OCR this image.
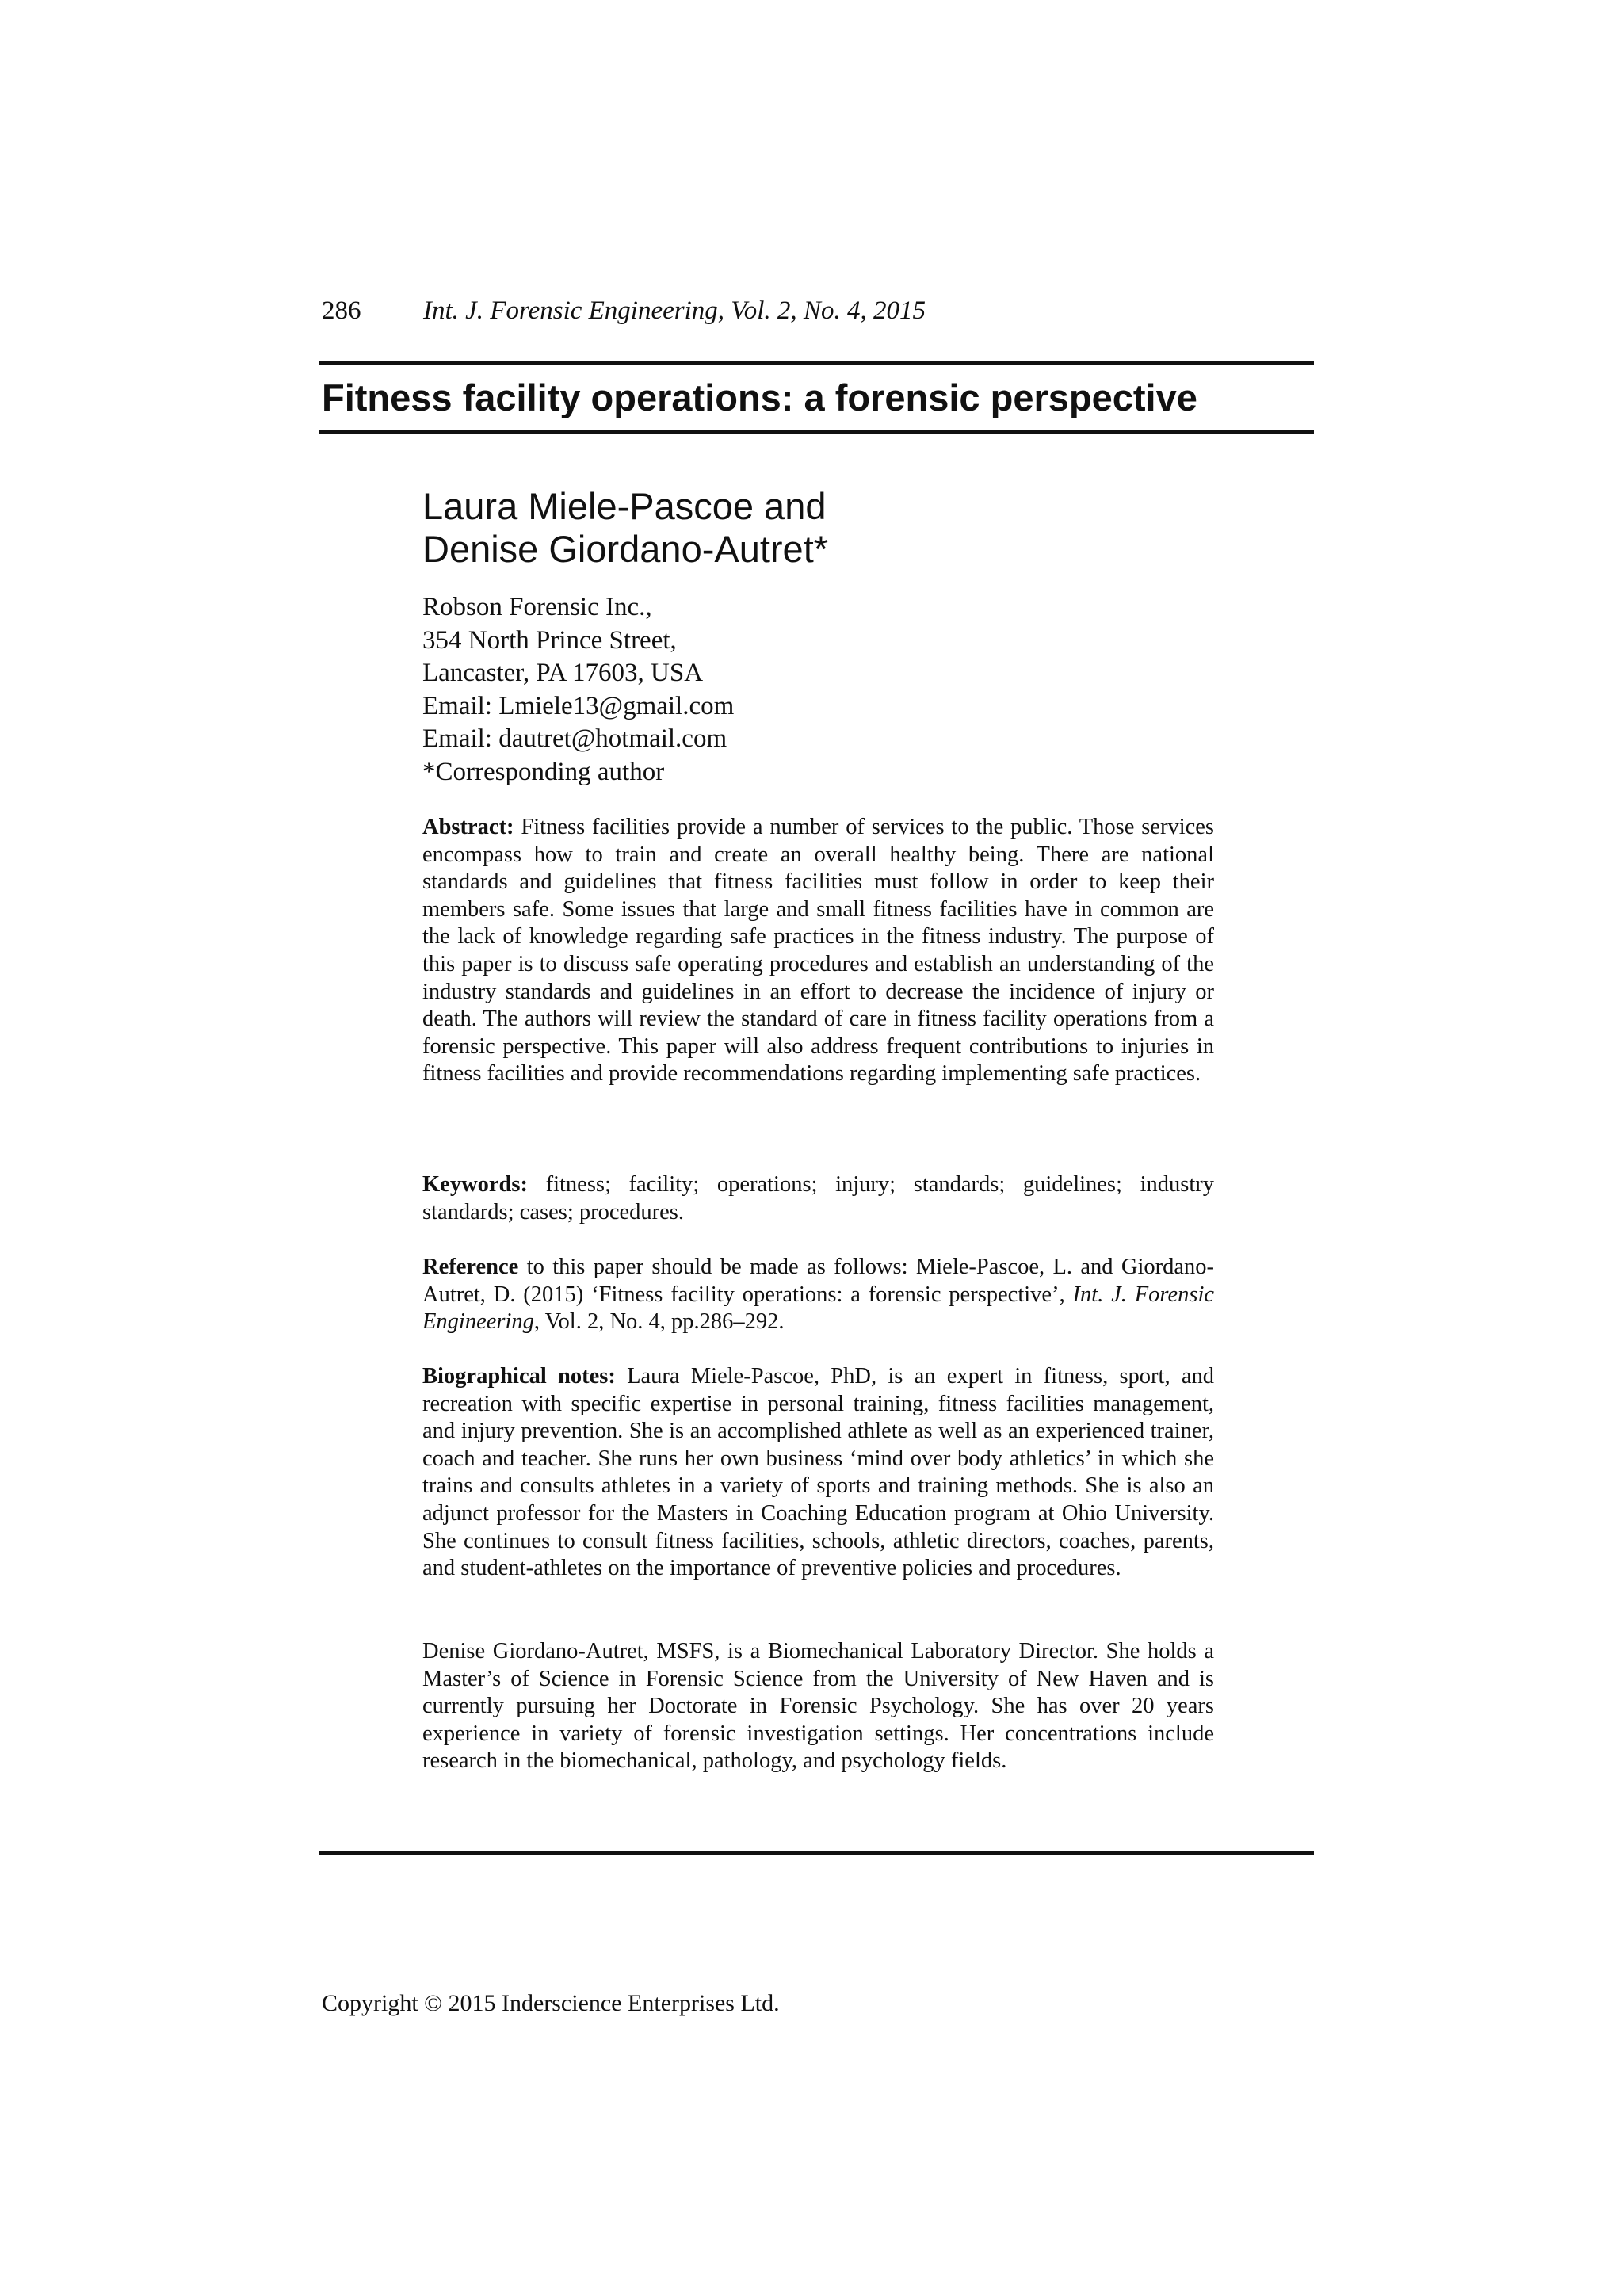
286 Int. J. Forensic Engineering, Vol. 2, No. 4, 2015
Fitness facility operations: a forensic perspective
Laura Miele-Pascoe and
Denise Giordano-Autret*
Robson Forensic Inc.,
354 North Prince Street,
Lancaster, PA 17603, USA
Email: Lmiele13@gmail.com
Email: dautret@hotmail.com
*Corresponding author

Abstract: Fitness facilities provide a number of services to the public. Those services encompass how to train and create an overall healthy being. There are national standards and guidelines that fitness facilities must follow in order to keep their members safe. Some issues that large and small fitness facilities have in common are the lack of knowledge regarding safe practices in the fitness industry. The purpose of this paper is to discuss safe operating procedures and establish an understanding of the industry standards and guidelines in an effort to decrease the incidence of injury or death. The authors will review the standard of care in fitness facility operations from a forensic perspective. This paper will also address frequent contributions to injuries in fitness facilities and provide recommendations regarding implementing safe practices.

Keywords: fitness; facility; operations; injury; standards; guidelines; industry standards; cases; procedures.

Reference to this paper should be made as follows: Miele-Pascoe, L. and Giordano-Autret, D. (2015) ‘Fitness facility operations: a forensic perspective’, Int. J. Forensic Engineering, Vol. 2, No. 4, pp.286–292.

Biographical notes: Laura Miele-Pascoe, PhD, is an expert in fitness, sport, and recreation with specific expertise in personal training, fitness facilities management, and injury prevention. She is an accomplished athlete as well as an experienced trainer, coach and teacher. She runs her own business ‘mind over body athletics’ in which she trains and consults athletes in a variety of sports and training methods. She is also an adjunct professor for the Masters in Coaching Education program at Ohio University. She continues to consult fitness facilities, schools, athletic directors, coaches, parents, and student-athletes on the importance of preventive policies and procedures.

Denise Giordano-Autret, MSFS, is a Biomechanical Laboratory Director. She holds a Master’s of Science in Forensic Science from the University of New Haven and is currently pursuing her Doctorate in Forensic Psychology. She has over 20 years experience in variety of forensic investigation settings. Her concentrations include research in the biomechanical, pathology, and psychology fields.

Copyright © 2015 Inderscience Enterprises Ltd.
